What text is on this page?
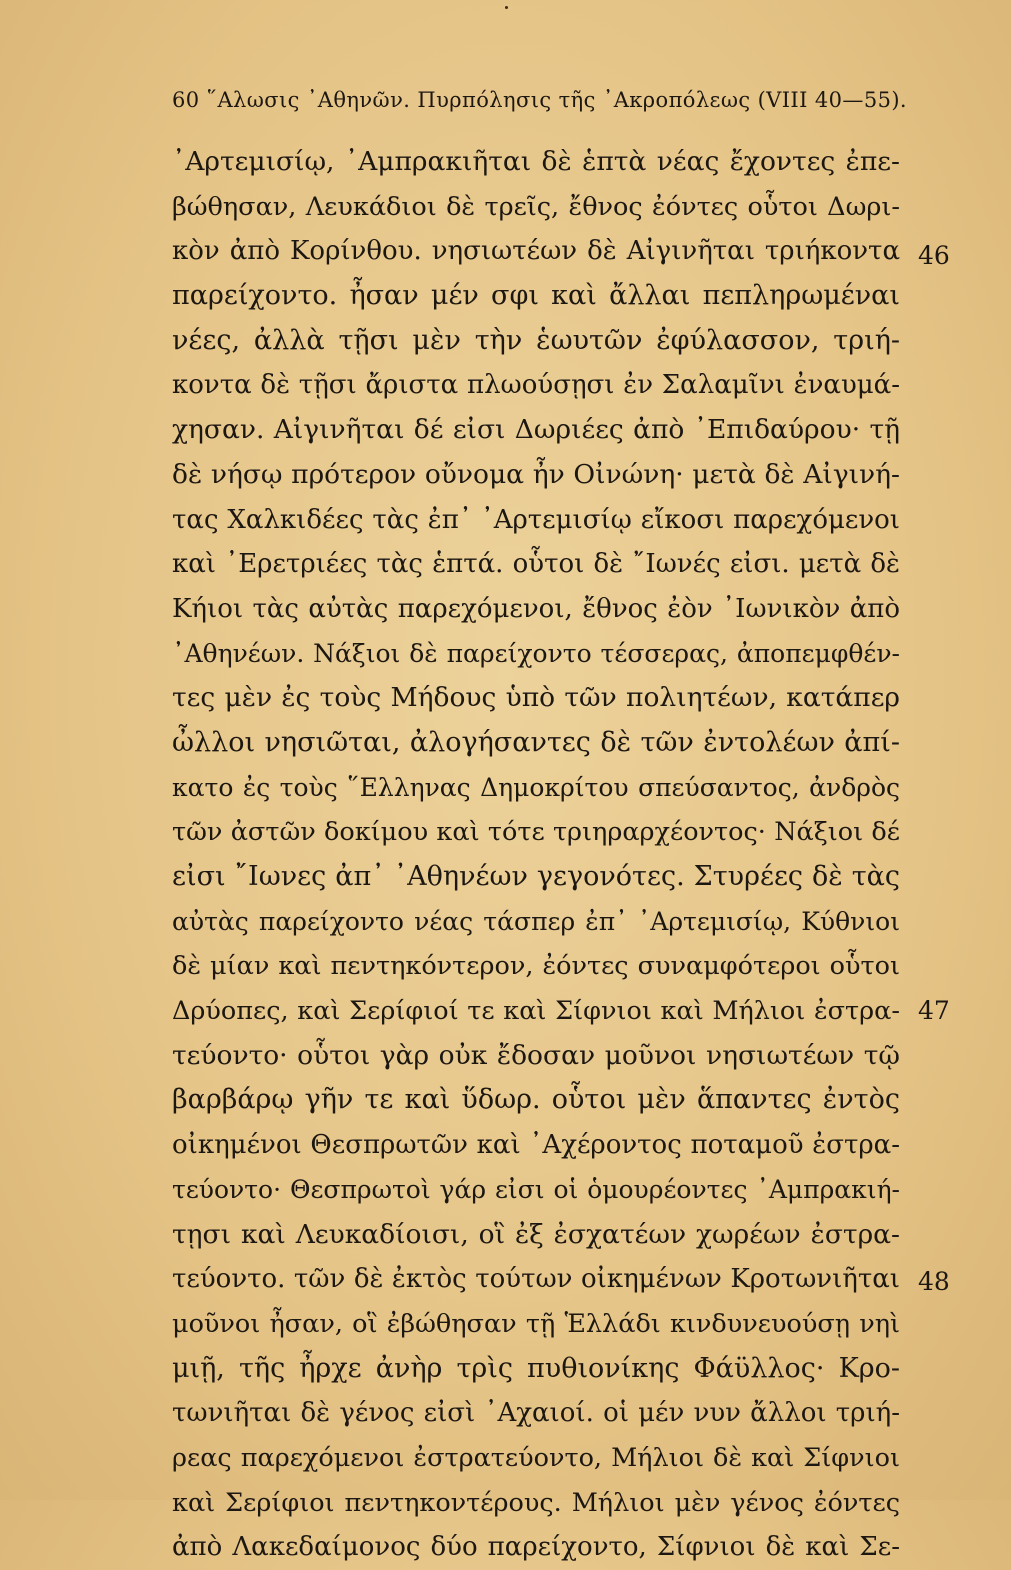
60 ῞Αλωσις ᾿Αθηνῶν. Πυρπόλησις τῆς ᾿Ακροπόλεως (VIII 40—55).
᾿Αρτεμισίῳ, ᾿Αμπρακιῆται δὲ ἑπτὰ νέας ἔχοντες ἐπε-
βώθησαν, Λευκάδιοι δὲ τρεῖς, ἔθνος ἐόντες οὗτοι Δωρι-
κὸν ἀπὸ Κορίνθου. νησιωτέων δὲ Αἰγινῆται τριήκοντα
παρείχοντο. ἦσαν μέν σφι καὶ ἄλλαι πεπληρωμέναι
νέες, ἀλλὰ τῇσι μὲν τὴν ἑωυτῶν ἐφύλασσον, τριή-
κοντα δὲ τῇσι ἄριστα πλωούσῃσι ἐν Σαλαμῖνι ἐναυμά-
χησαν. Αἰγινῆται δέ εἰσι Δωριέες ἀπὸ ᾿Επιδαύρου· τῇ
δὲ νήσῳ πρότερον οὔνομα ἦν Οἰνώνη· μετὰ δὲ Αἰγινή-
τας Χαλκιδέες τὰς ἐπ᾿ ᾿Αρτεμισίῳ εἴκοσι παρεχόμενοι
καὶ ᾿Ερετριέες τὰς ἑπτά. οὗτοι δὲ ῎Ιωνές εἰσι. μετὰ δὲ
Κήιοι τὰς αὐτὰς παρεχόμενοι, ἔθνος ἐὸν ᾿Ιωνικὸν ἀπὸ
᾿Αθηνέων. Νάξιοι δὲ παρείχοντο τέσσερας, ἀποπεμφθέν-
τες μὲν ἐς τοὺς Μήδους ὑπὸ τῶν πολιητέων, κατάπερ
ὦλλοι νησιῶται, ἀλογήσαντες δὲ τῶν ἐντολέων ἀπί-
κατο ἐς τοὺς ῞Ελληνας Δημοκρίτου σπεύσαντος, ἀνδρὸς
τῶν ἀστῶν δοκίμου καὶ τότε τριηραρχέοντος· Νάξιοι δέ
εἰσι ῎Ιωνες ἀπ᾿ ᾿Αθηνέων γεγονότες. Στυρέες δὲ τὰς
αὐτὰς παρείχοντο νέας τάσπερ ἐπ᾿ ᾿Αρτεμισίῳ, Κύθνιοι
δὲ μίαν καὶ πεντηκόντερον, ἐόντες συναμφότεροι οὗτοι
Δρύοπες, καὶ Σερίφιοί τε καὶ Σίφνιοι καὶ Μήλιοι ἐστρα-
τεύοντο· οὗτοι γὰρ οὐκ ἔδοσαν μοῦνοι νησιωτέων τῷ
βαρβάρῳ γῆν τε καὶ ὕδωρ. οὗτοι μὲν ἅπαντες ἐντὸς
οἰκημένοι Θεσπρωτῶν καὶ ᾿Αχέροντος ποταμοῦ ἐστρα-
τεύοντο· Θεσπρωτοὶ γάρ εἰσι οἱ ὁμουρέοντες ᾿Αμπρακιή-
τῃσι καὶ Λευκαδίοισι, οἳ ἐξ ἐσχατέων χωρέων ἐστρα-
τεύοντο. τῶν δὲ ἐκτὸς τούτων οἰκημένων Κροτωνιῆται
μοῦνοι ἦσαν, οἳ ἐβώθησαν τῇ Ἑλλάδι κινδυνευούσῃ νηὶ
μιῇ, τῆς ἦρχε ἀνὴρ τρὶς πυθιονίκης Φάϋλλος· Κρο-
τωνιῆται δὲ γένος εἰσὶ ᾿Αχαιοί. οἱ μέν νυν ἄλλοι τριή-
ρεας παρεχόμενοι ἐστρατεύοντο, Μήλιοι δὲ καὶ Σίφνιοι
καὶ Σερίφιοι πεντηκοντέρους. Μήλιοι μὲν γένος ἐόντες
ἀπὸ Λακεδαίμονος δύο παρείχοντο, Σίφνιοι δὲ καὶ Σε-
46
47
48
